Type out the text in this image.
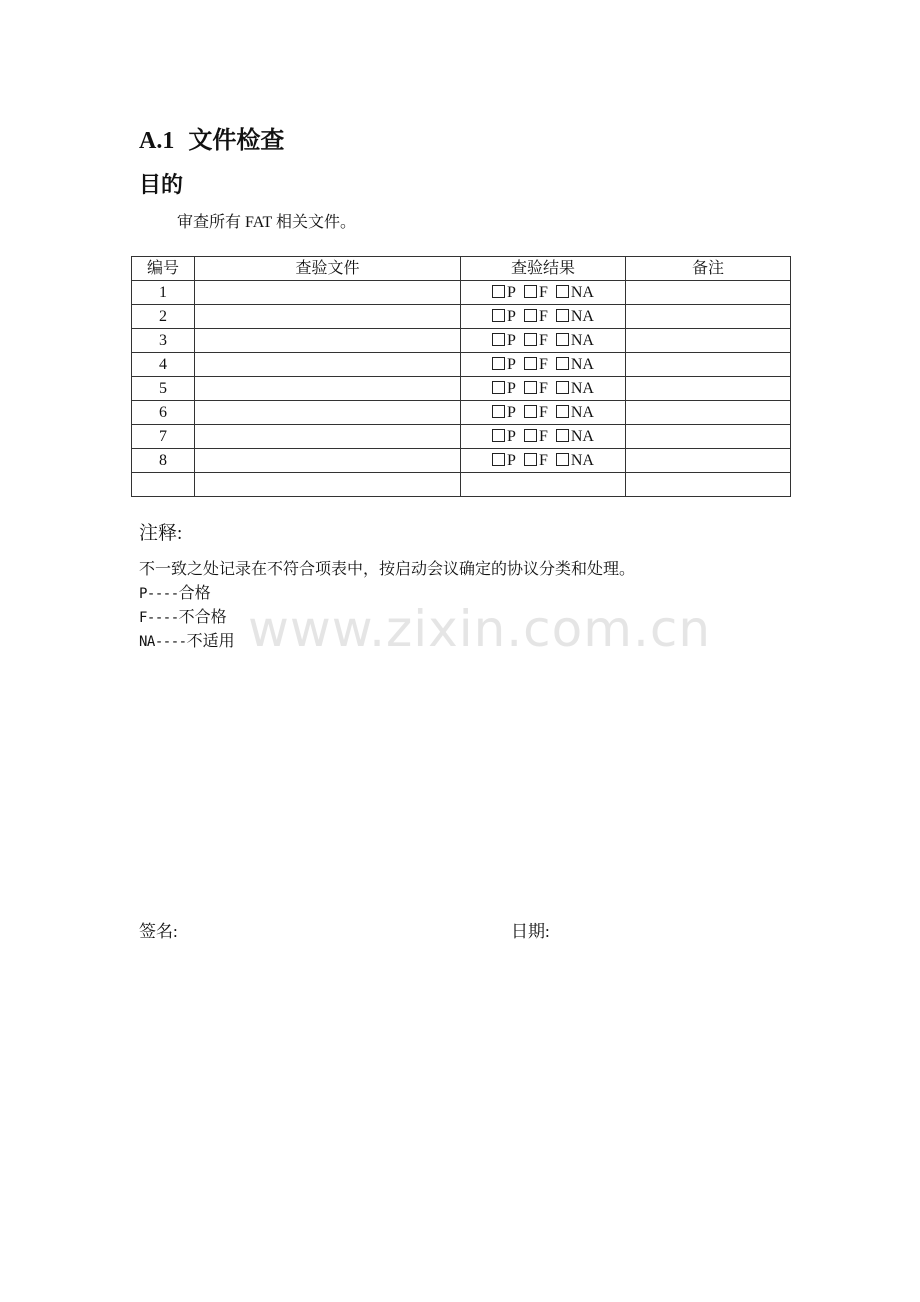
A.1 文件检查
目的
审查所有 FAT 相关文件。
编号	查验文件	查验结果	备注
1		P F NA	
2		P F NA	
3		P F NA	
4		P F NA	
5		P F NA	
6		P F NA	
7		P F NA	
8		P F NA	

注释:
不一致之处记录在不符合项表中，按启动会议确定的协议分类和处理。
P----合格
F----不合格
NA----不适用 www.zixin.com.cn
签名:	日期:
